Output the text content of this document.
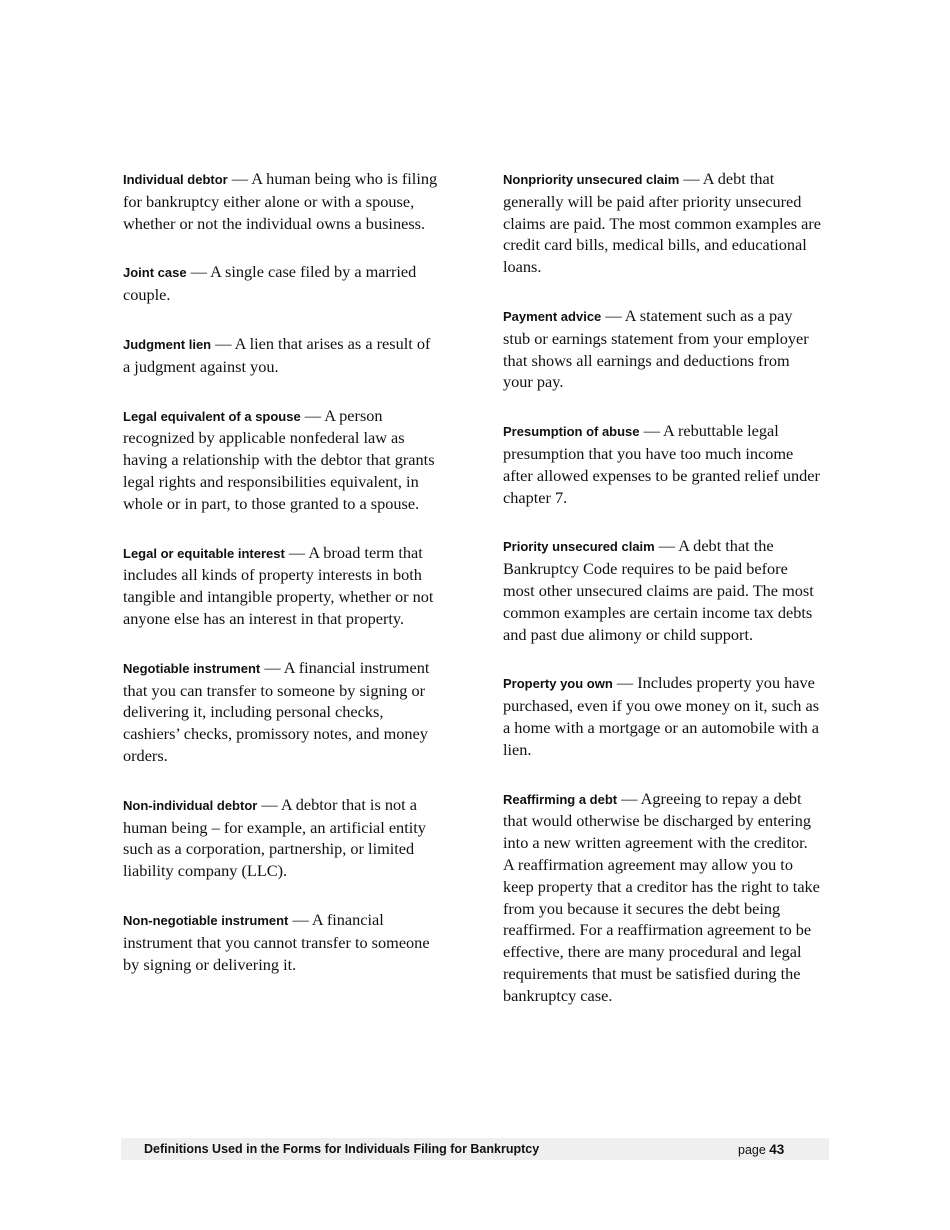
Individual debtor — A human being who is filing for bankruptcy either alone or with a spouse, whether or not the individual owns a business.

Joint case — A single case filed by a married couple.

Judgment lien — A lien that arises as a result of a judgment against you.

Legal equivalent of a spouse — A person recognized by applicable nonfederal law as having a relationship with the debtor that grants legal rights and responsibilities equivalent, in whole or in part, to those granted to a spouse.

Legal or equitable interest — A broad term that includes all kinds of property interests in both tangible and intangible property, whether or not anyone else has an interest in that property.

Negotiable instrument — A financial instrument that you can transfer to someone by signing or delivering it, including personal checks, cashiers’ checks, promissory notes, and money orders.

Non-individual debtor — A debtor that is not a human being – for example, an artificial entity such as a corporation, partnership, or limited liability company (LLC).

Non-negotiable instrument — A financial instrument that you cannot transfer to someone by signing or delivering it.

Nonpriority unsecured claim — A debt that generally will be paid after priority unsecured claims are paid. The most common examples are credit card bills, medical bills, and educational loans.

Payment advice — A statement such as a pay stub or earnings statement from your employer that shows all earnings and deductions from your pay.

Presumption of abuse — A rebuttable legal presumption that you have too much income after allowed expenses to be granted relief under chapter 7.

Priority unsecured claim — A debt that the Bankruptcy Code requires to be paid before most other unsecured claims are paid. The most common examples are certain income tax debts and past due alimony or child support.

Property you own — Includes property you have purchased, even if you owe money on it, such as a home with a mortgage or an automobile with a lien.

Reaffirming a debt — Agreeing to repay a debt that would otherwise be discharged by entering into a new written agreement with the creditor. A reaffirmation agreement may allow you to keep property that a creditor has the right to take from you because it secures the debt being reaffirmed. For a reaffirmation agreement to be effective, there are many procedural and legal requirements that must be satisfied during the bankruptcy case.

Definitions Used in the Forms for Individuals Filing for Bankruptcy	page 43
